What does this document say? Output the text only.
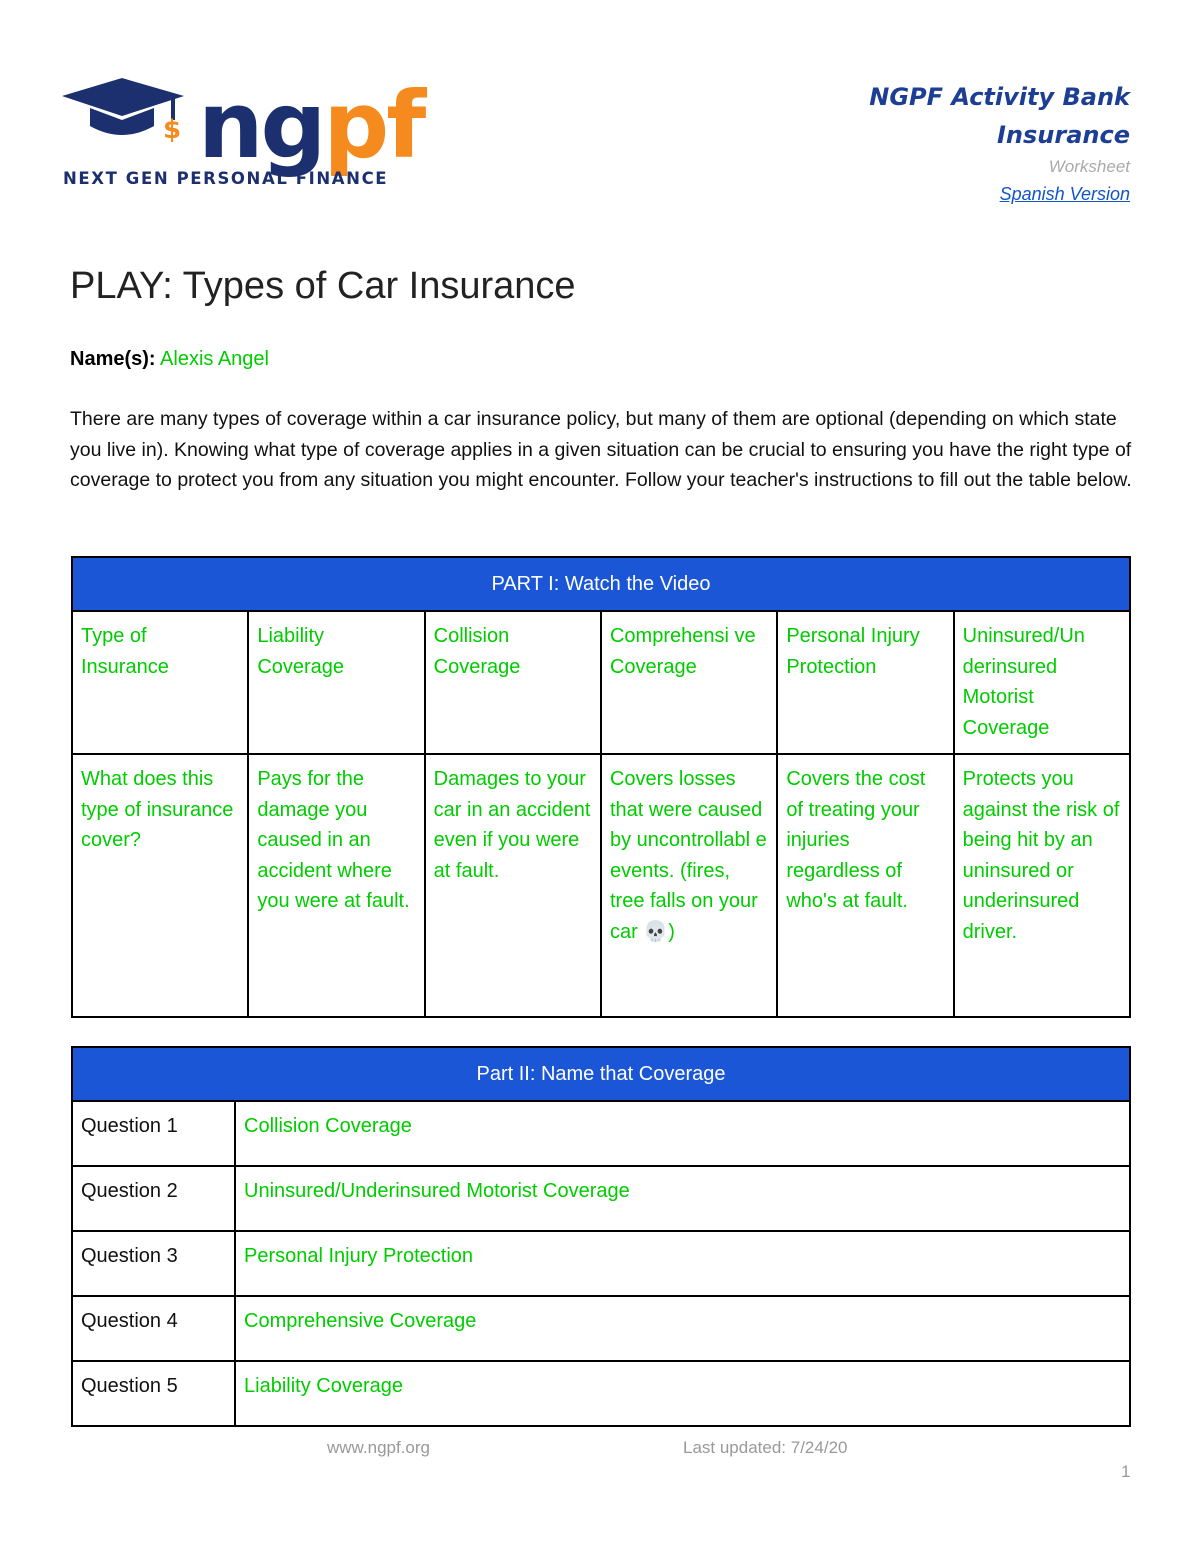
$ ngpf
NEXT GEN PERSONAL FINANCE
NGPF Activity Bank
Insurance
Worksheet
Spanish Version
PLAY: Types of Car Insurance
Name(s): Alexis Angel
There are many types of coverage within a car insurance policy, but many of them are optional (depending on which state you live in). Knowing what type of coverage applies in a given situation can be crucial to ensuring you have the right type of coverage to protect you from any situation you might encounter. Follow your teacher's instructions to fill out the table below.
PART I: Watch the Video					
Type of Insurance	Liability Coverage	Collision Coverage	Comprehensi ve Coverage	Personal Injury Protection	Uninsured/Un derinsured Motorist Coverage
What does this type of insurance cover?	Pays for the damage you caused in an accident where you were at fault.	Damages to your car in an accident even if you were at fault.	Covers losses that were caused by uncontrollabl e events. (fires, tree falls on your car 💀)	Covers the cost of treating your injuries regardless of who's at fault.	Protects you against the risk of being hit by an uninsured or underinsured driver.
Part II: Name that Coverage	
Question 1	Collision Coverage
Question 2	Uninsured/Underinsured Motorist Coverage
Question 3	Personal Injury Protection
Question 4	Comprehensive Coverage
Question 5	Liability Coverage
www.ngpf.org	Last updated: 7/24/20
1
